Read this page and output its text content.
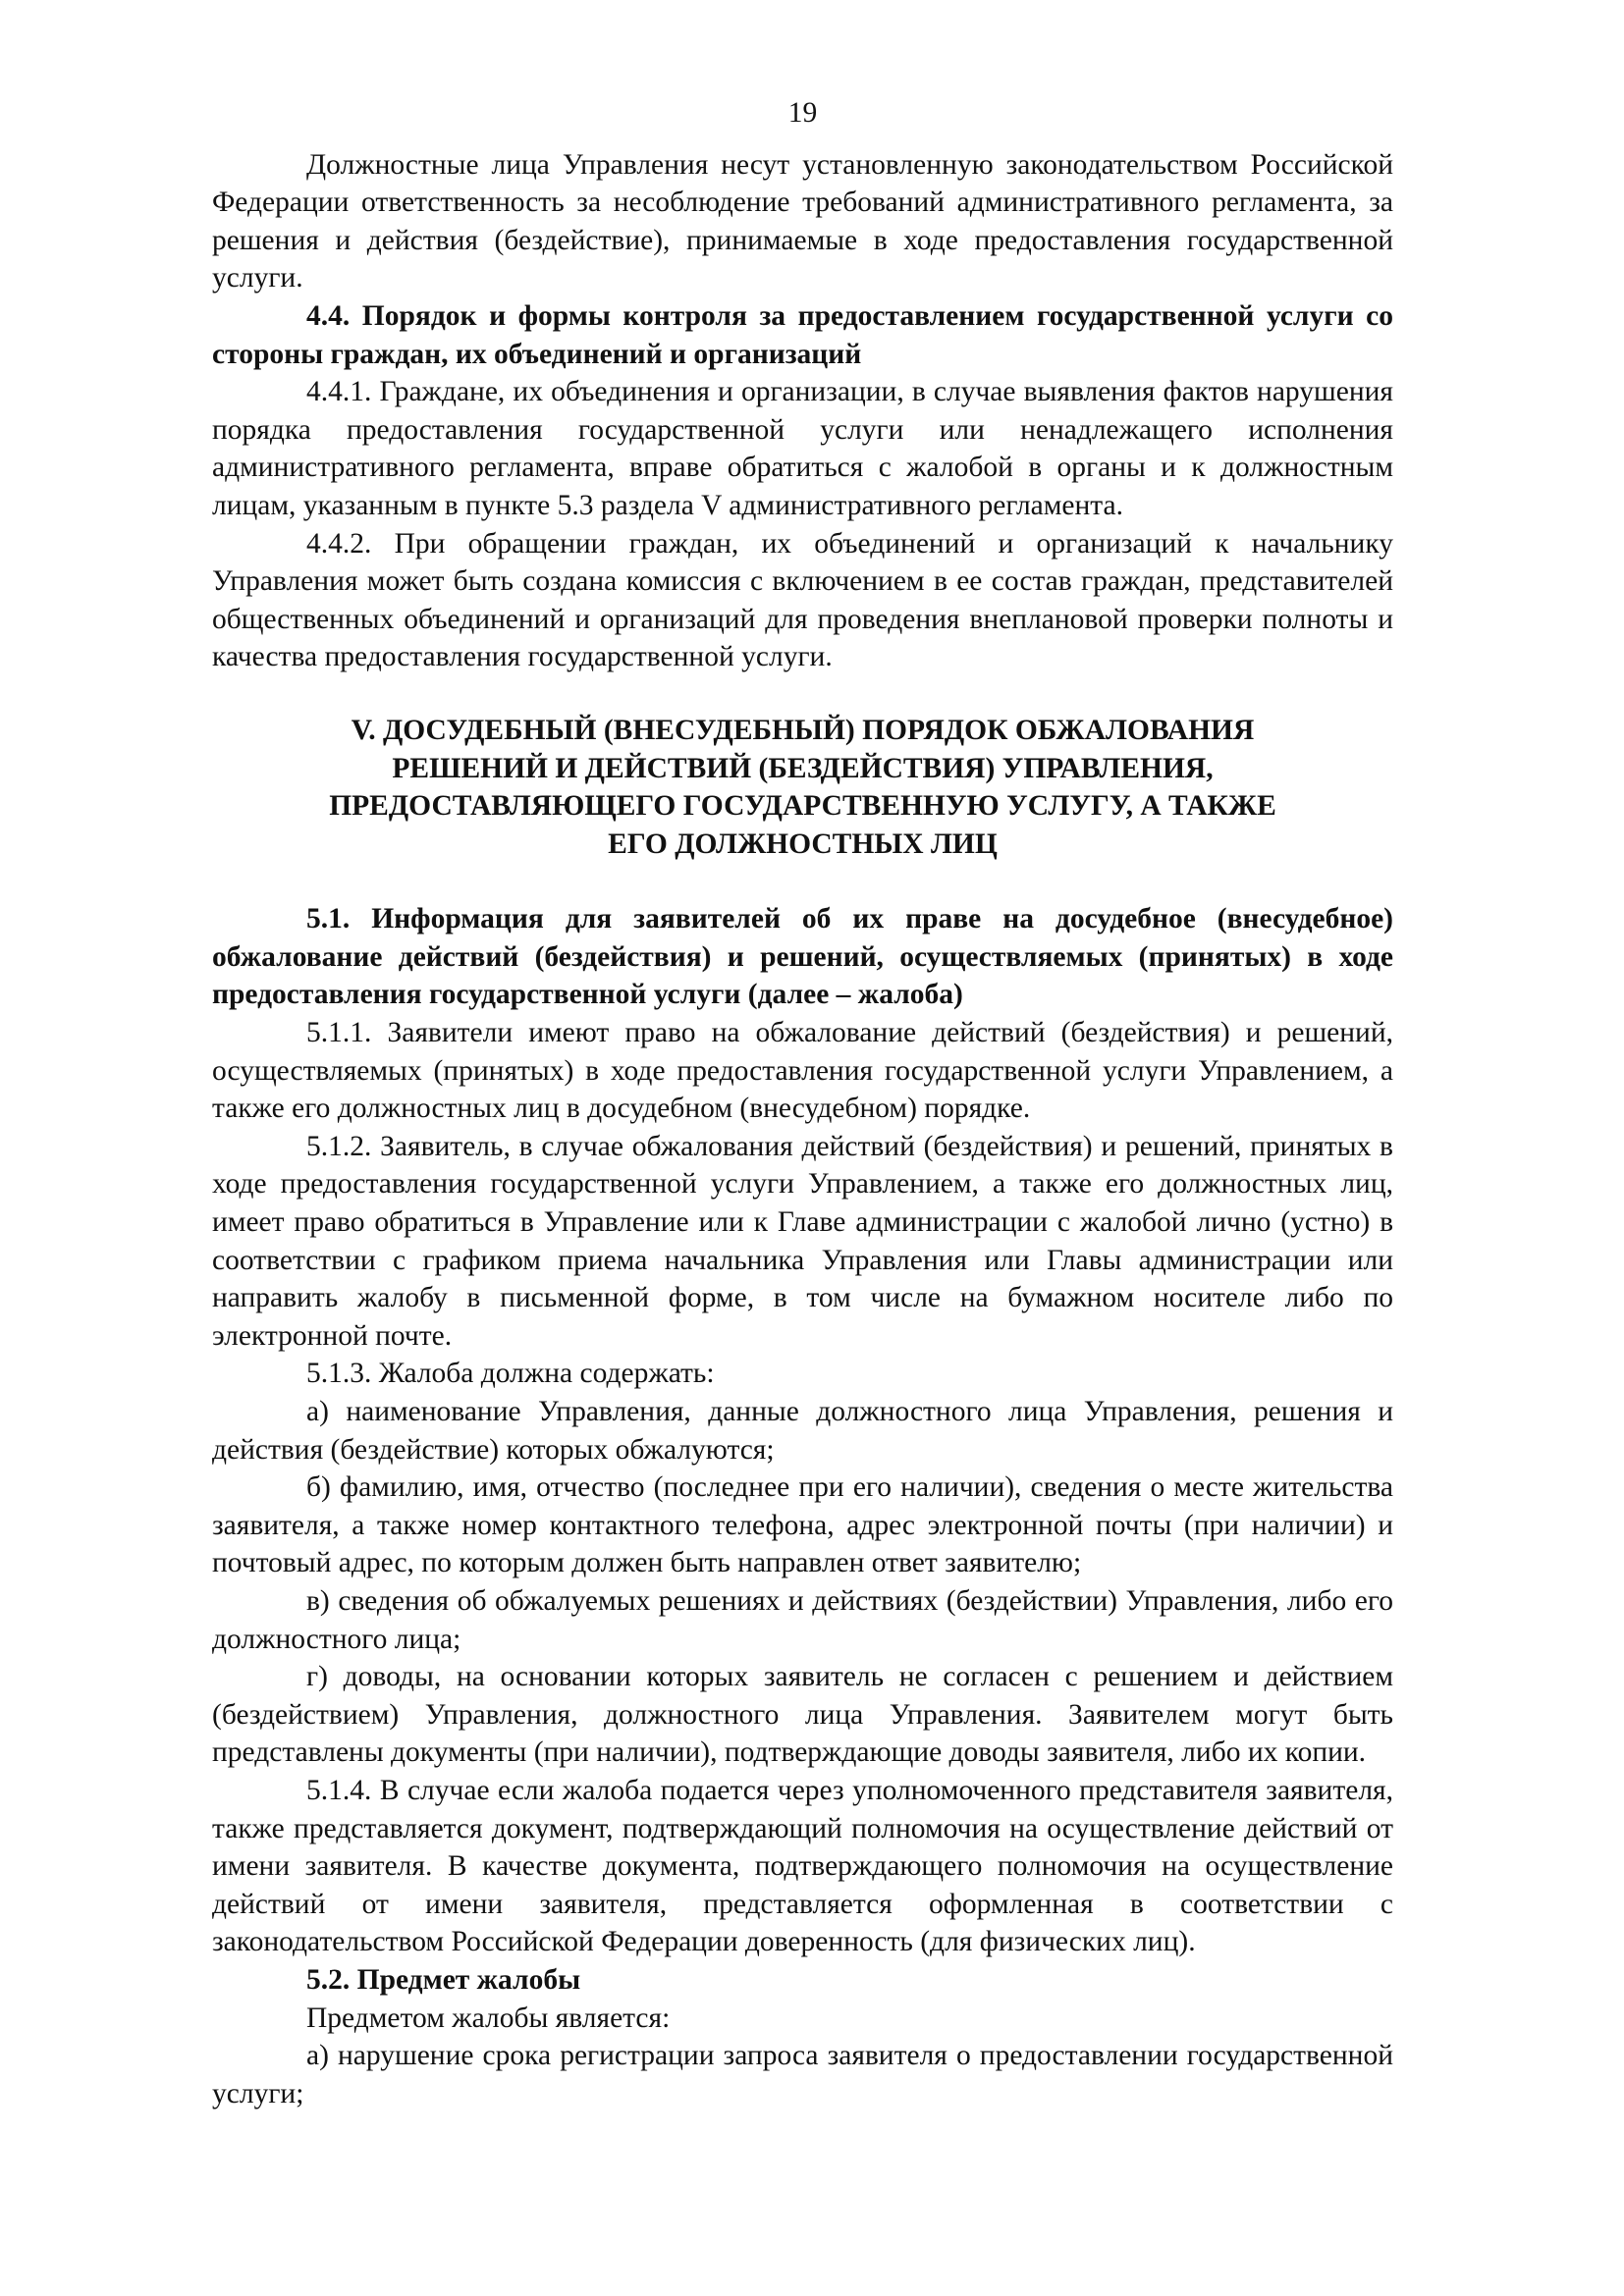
19

Должностные лица Управления несут установленную законодательством Российской Федерации ответственность за несоблюдение требований административного регламента, за решения и действия (бездействие), принимаемые в ходе предоставления государственной услуги.

4.4. Порядок и формы контроля за предоставлением государственной услуги со стороны граждан, их объединений и организаций

4.4.1. Граждане, их объединения и организации, в случае выявления фактов нарушения порядка предоставления государственной услуги или ненадлежащего исполнения административного регламента, вправе обратиться с жалобой в органы и к должностным лицам, указанным в пункте 5.3 раздела V административного регламента.

4.4.2. При обращении граждан, их объединений и организаций к начальнику Управления может быть создана комиссия с включением в ее состав граждан, представителей общественных объединений и организаций для проведения внеплановой проверки полноты и качества предоставления государственной услуги.

V. ДОСУДЕБНЫЙ (ВНЕСУДЕБНЫЙ) ПОРЯДОК ОБЖАЛОВАНИЯ
РЕШЕНИЙ И ДЕЙСТВИЙ (БЕЗДЕЙСТВИЯ) УПРАВЛЕНИЯ,
ПРЕДОСТАВЛЯЮЩЕГО ГОСУДАРСТВЕННУЮ УСЛУГУ, А ТАКЖЕ
ЕГО ДОЛЖНОСТНЫХ ЛИЦ

5.1. Информация для заявителей об их праве на досудебное (внесудебное) обжалование действий (бездействия) и решений, осуществляемых (принятых) в ходе предоставления государственной услуги (далее – жалоба)

5.1.1. Заявители имеют право на обжалование действий (бездействия) и решений, осуществляемых (принятых) в ходе предоставления государственной услуги Управлением, а также его должностных лиц в досудебном (внесудебном) порядке.

5.1.2. Заявитель, в случае обжалования действий (бездействия) и решений, принятых в ходе предоставления государственной услуги Управлением, а также его должностных лиц, имеет право обратиться в Управление или к Главе администрации с жалобой лично (устно) в соответствии с графиком приема начальника Управления или Главы администрации или направить жалобу в письменной форме, в том числе на бумажном носителе либо по электронной почте.

5.1.3. Жалоба должна содержать:

а) наименование Управления, данные должностного лица Управления, решения и действия (бездействие) которых обжалуются;

б) фамилию, имя, отчество (последнее при его наличии), сведения о месте жительства заявителя, а также номер контактного телефона, адрес электронной почты (при наличии) и почтовый адрес, по которым должен быть направлен ответ заявителю;

в) сведения об обжалуемых решениях и действиях (бездействии) Управления, либо его должностного лица;

г) доводы, на основании которых заявитель не согласен с решением и действием (бездействием) Управления, должностного лица Управления. Заявителем могут быть представлены документы (при наличии), подтверждающие доводы заявителя, либо их копии.

5.1.4. В случае если жалоба подается через уполномоченного представителя заявителя, также представляется документ, подтверждающий полномочия на осуществление действий от имени заявителя. В качестве документа, подтверждающего полномочия на осуществление действий от имени заявителя, представляется оформленная в соответствии с законодательством Российской Федерации доверенность (для физических лиц).

5.2. Предмет жалобы

Предметом жалобы является:

а) нарушение срока регистрации запроса заявителя о предоставлении государственной услуги;
